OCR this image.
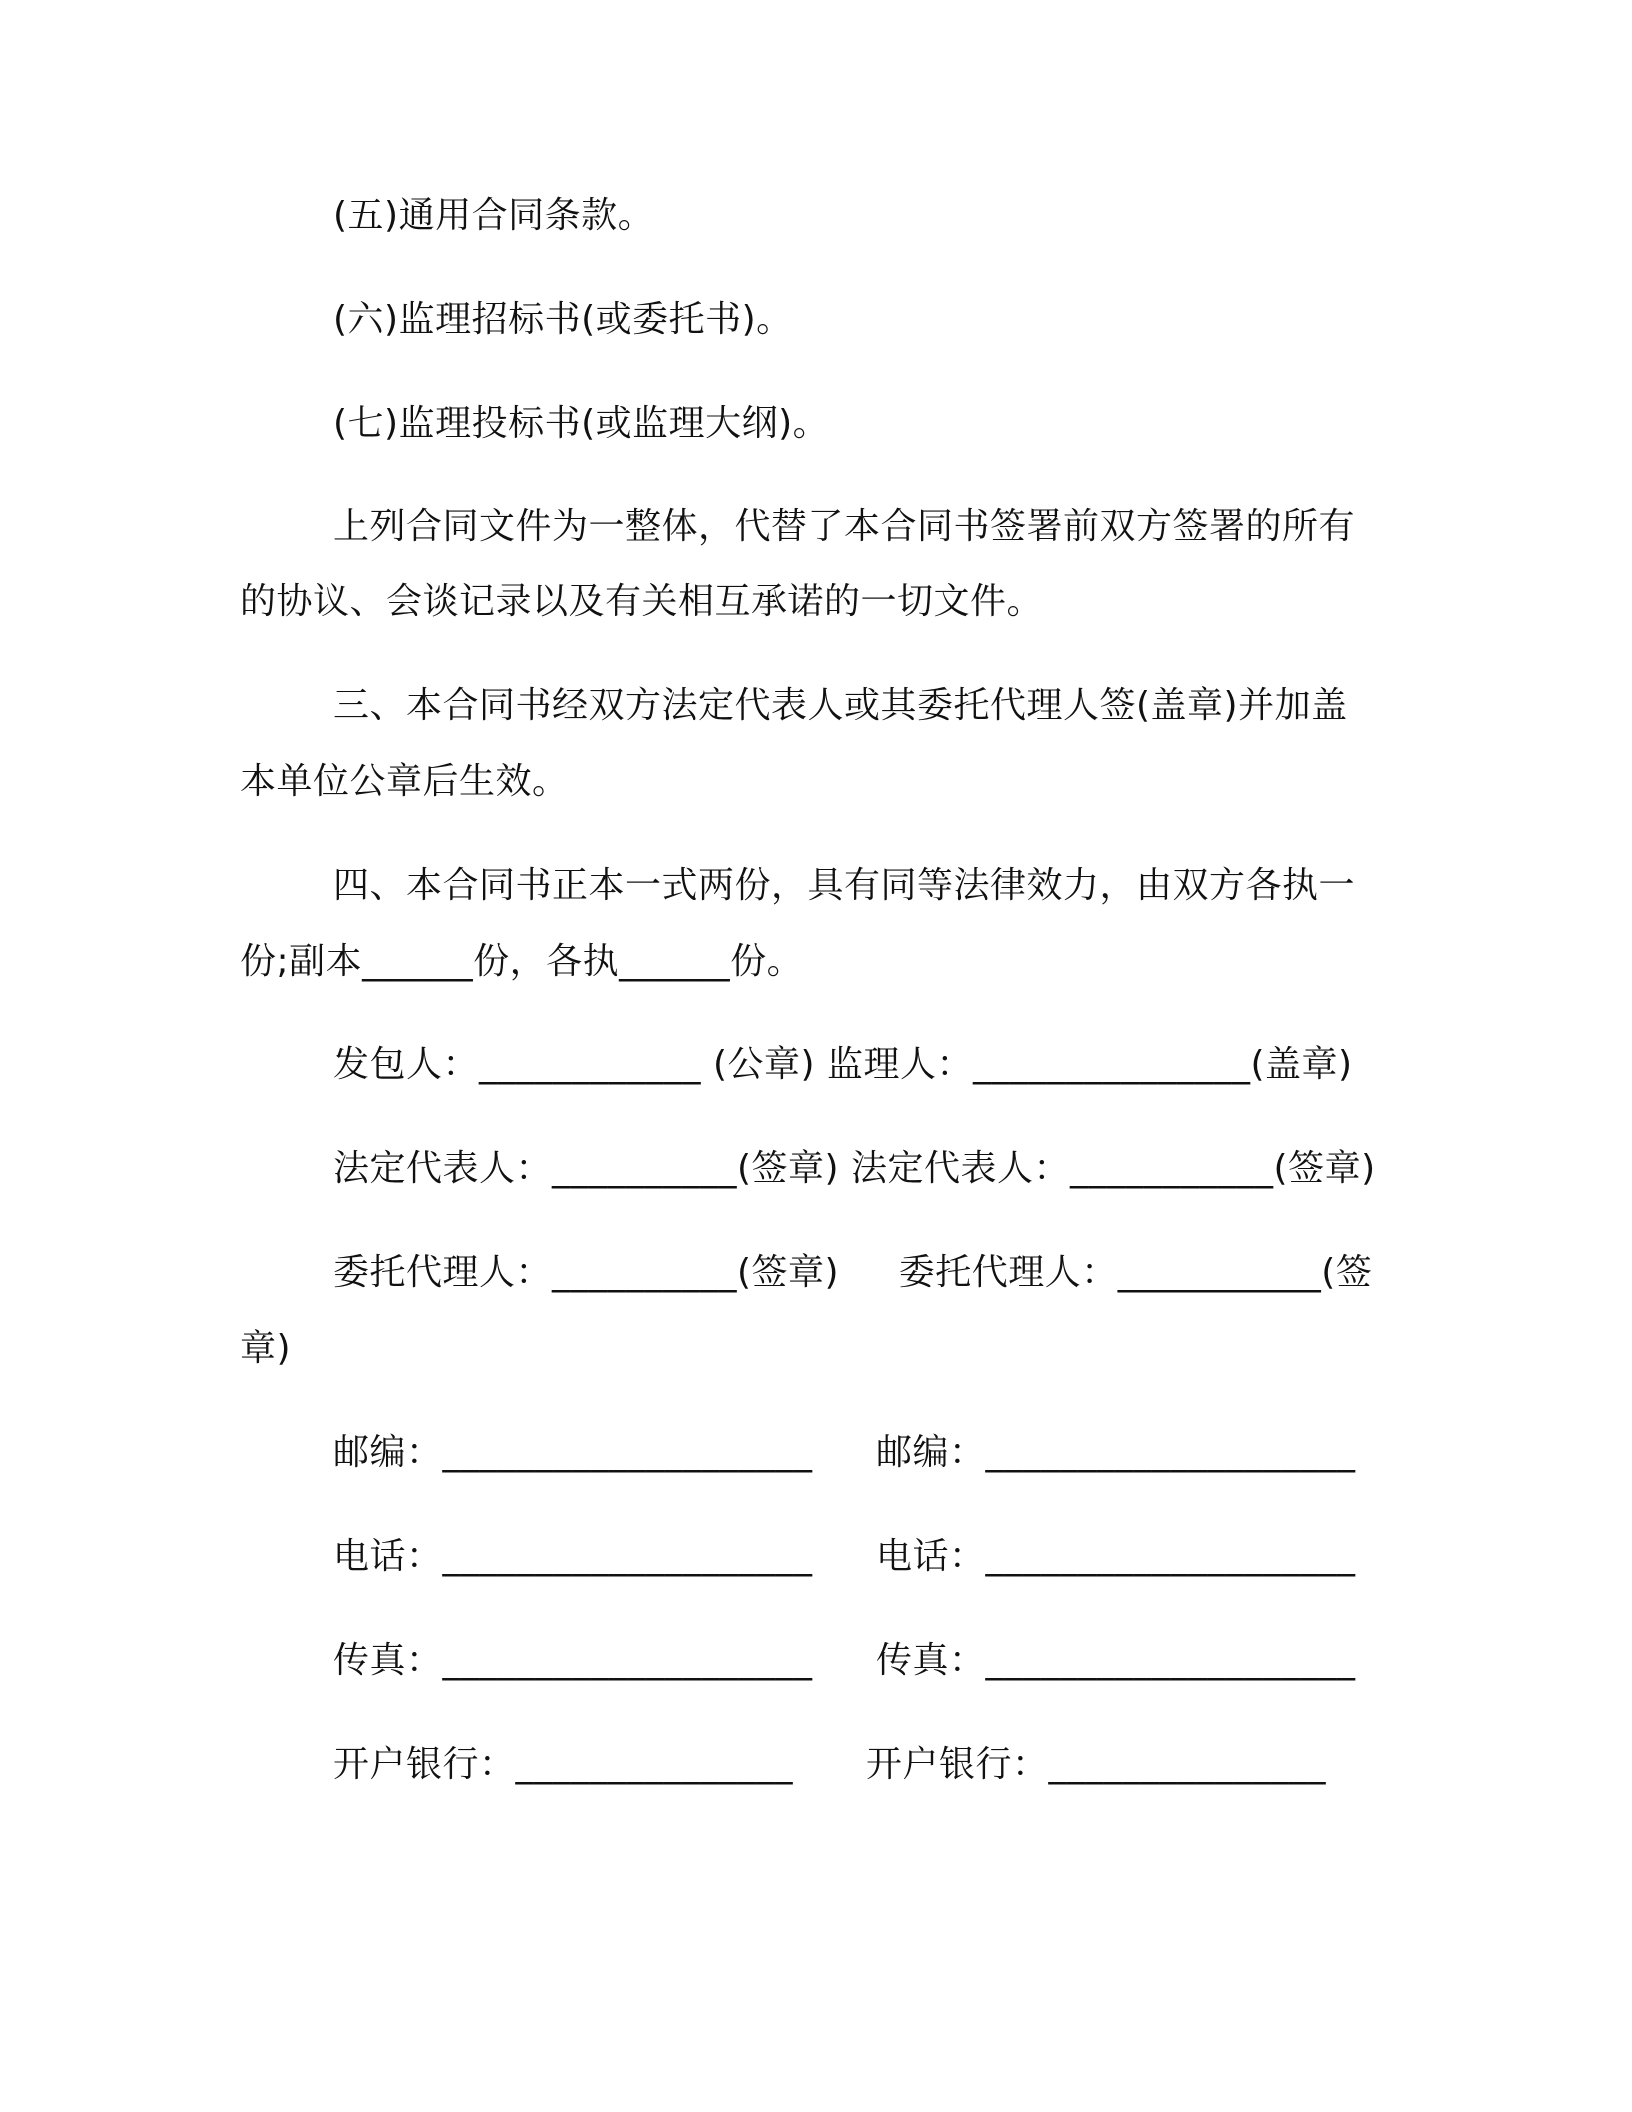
(五)通用合同条款。
(六)监理招标书(或委托书)。
(七)监理投标书(或监理大纲)。
上列合同文件为一整体，代替了本合同书签署前双方签署的所有
的协议、会谈记录以及有关相互承诺的一切文件。
三、本合同书经双方法定代表人或其委托代理人签(盖章)并加盖
本单位公章后生效。
四、本合同书正本一式两份，具有同等法律效力，由双方各执一
份;副本______份，各执______份。
发包人：____________ (公章) 监理人：_______________(盖章)
法定代表人：__________(签章) 法定代表人：___________(签章)
委托代理人：__________(签章)     委托代理人：___________(签
章)
邮编：____________________ 邮编：____________________
电话：____________________ 电话：____________________
传真：____________________ 传真：____________________
开户银行：_______________ 开户银行：_______________
